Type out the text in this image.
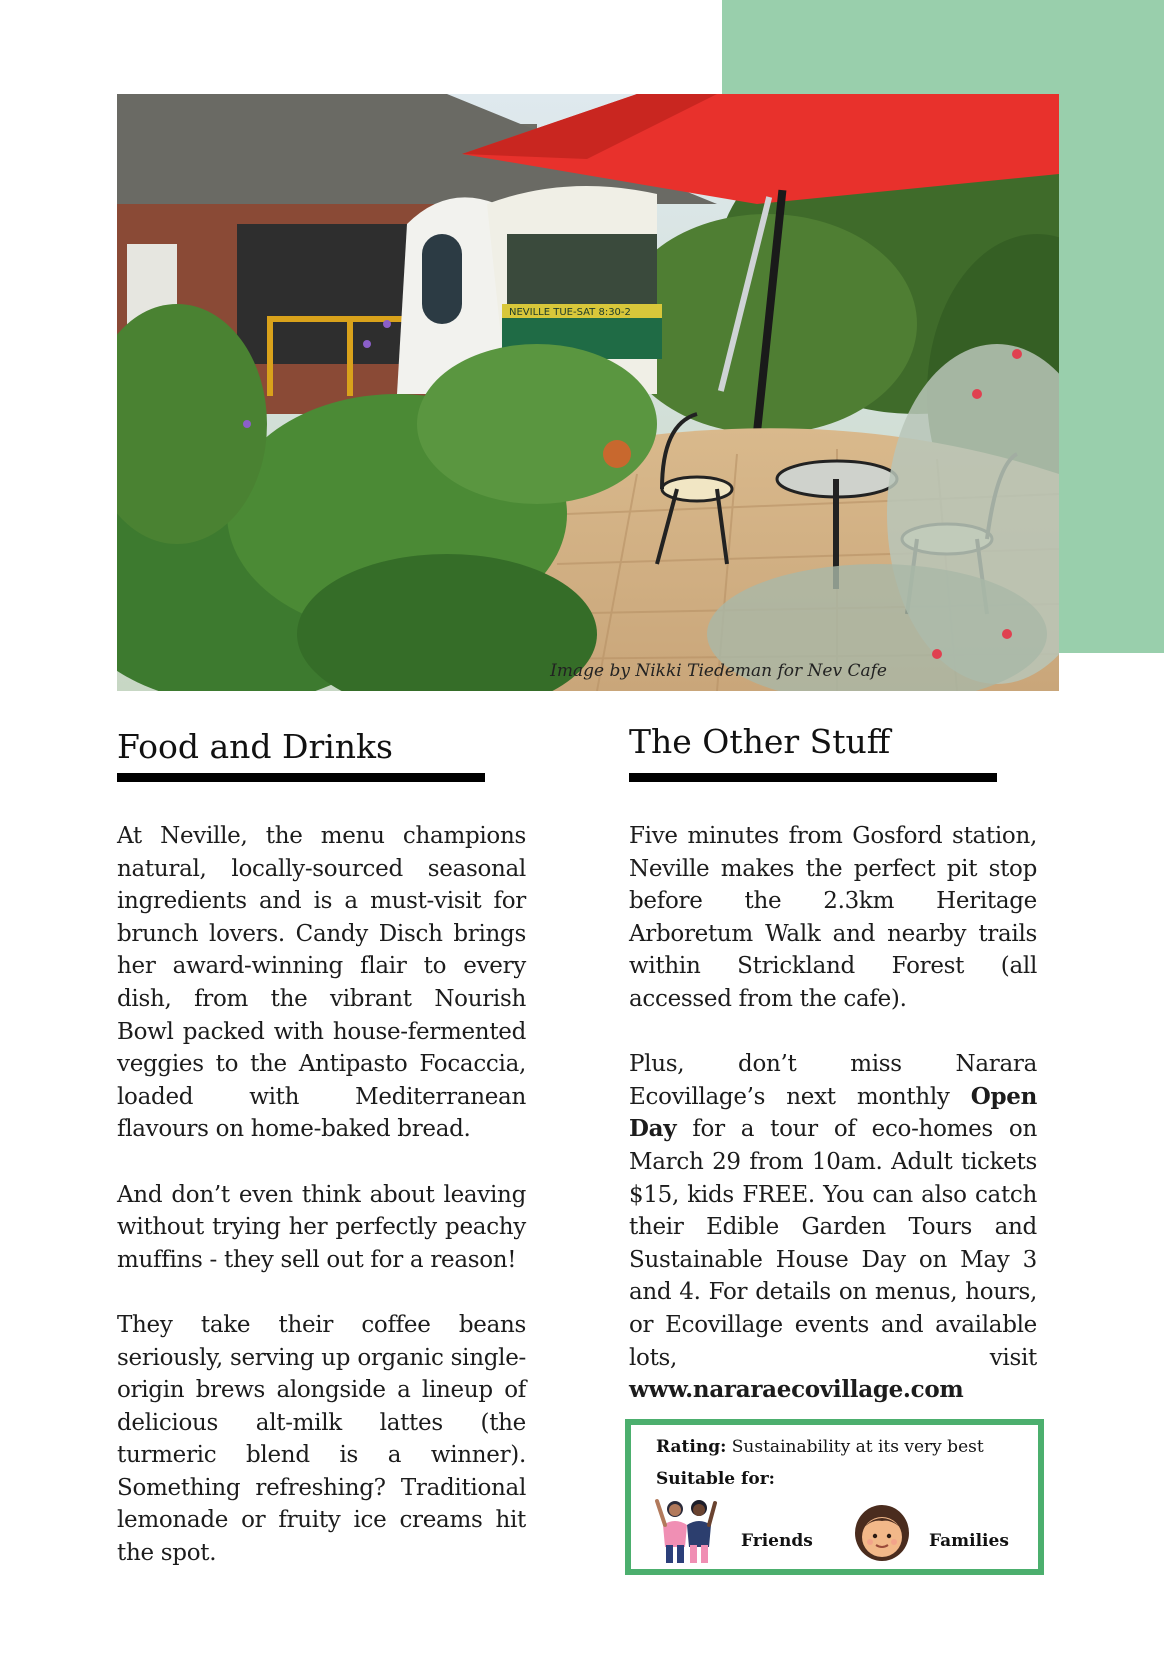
NEVILLE TUE-SAT 8:30-2
Image by Nikki Tiedeman for Nev Cafe
Food and Drinks	The Other Stuff

At Neville, the menu champions natural, locally-sourced seasonal ingredients and is a must-visit for brunch lovers. Candy Disch brings her award-winning flair to every dish, from the vibrant Nourish Bowl packed with house-fermented veggies to the Antipasto Focaccia, loaded with Mediterranean flavours on home-baked bread.

And don’t even think about leaving without trying her perfectly peachy muffins - they sell out for a reason!

They take their coffee beans seriously, serving up organic single-origin brews alongside a lineup of delicious alt-milk lattes (the turmeric blend is a winner). Something refreshing? Traditional lemonade or fruity ice creams hit the spot.

Five minutes from Gosford station, Neville makes the perfect pit stop before the 2.3km Heritage Arboretum Walk and nearby trails within Strickland Forest (all accessed from the cafe).

Plus, don’t miss Narara Ecovillage’s next monthly Open Day for a tour of eco-homes on March 29 from 10am. Adult tickets $15, kids FREE. You can also catch their Edible Garden Tours and Sustainable House Day on May 3 and 4. For details on menus, hours, or Ecovillage events and available lots, visit www.nararaecovillage.com

Rating: Sustainability at its very best
Suitable for:
Friends	Families
